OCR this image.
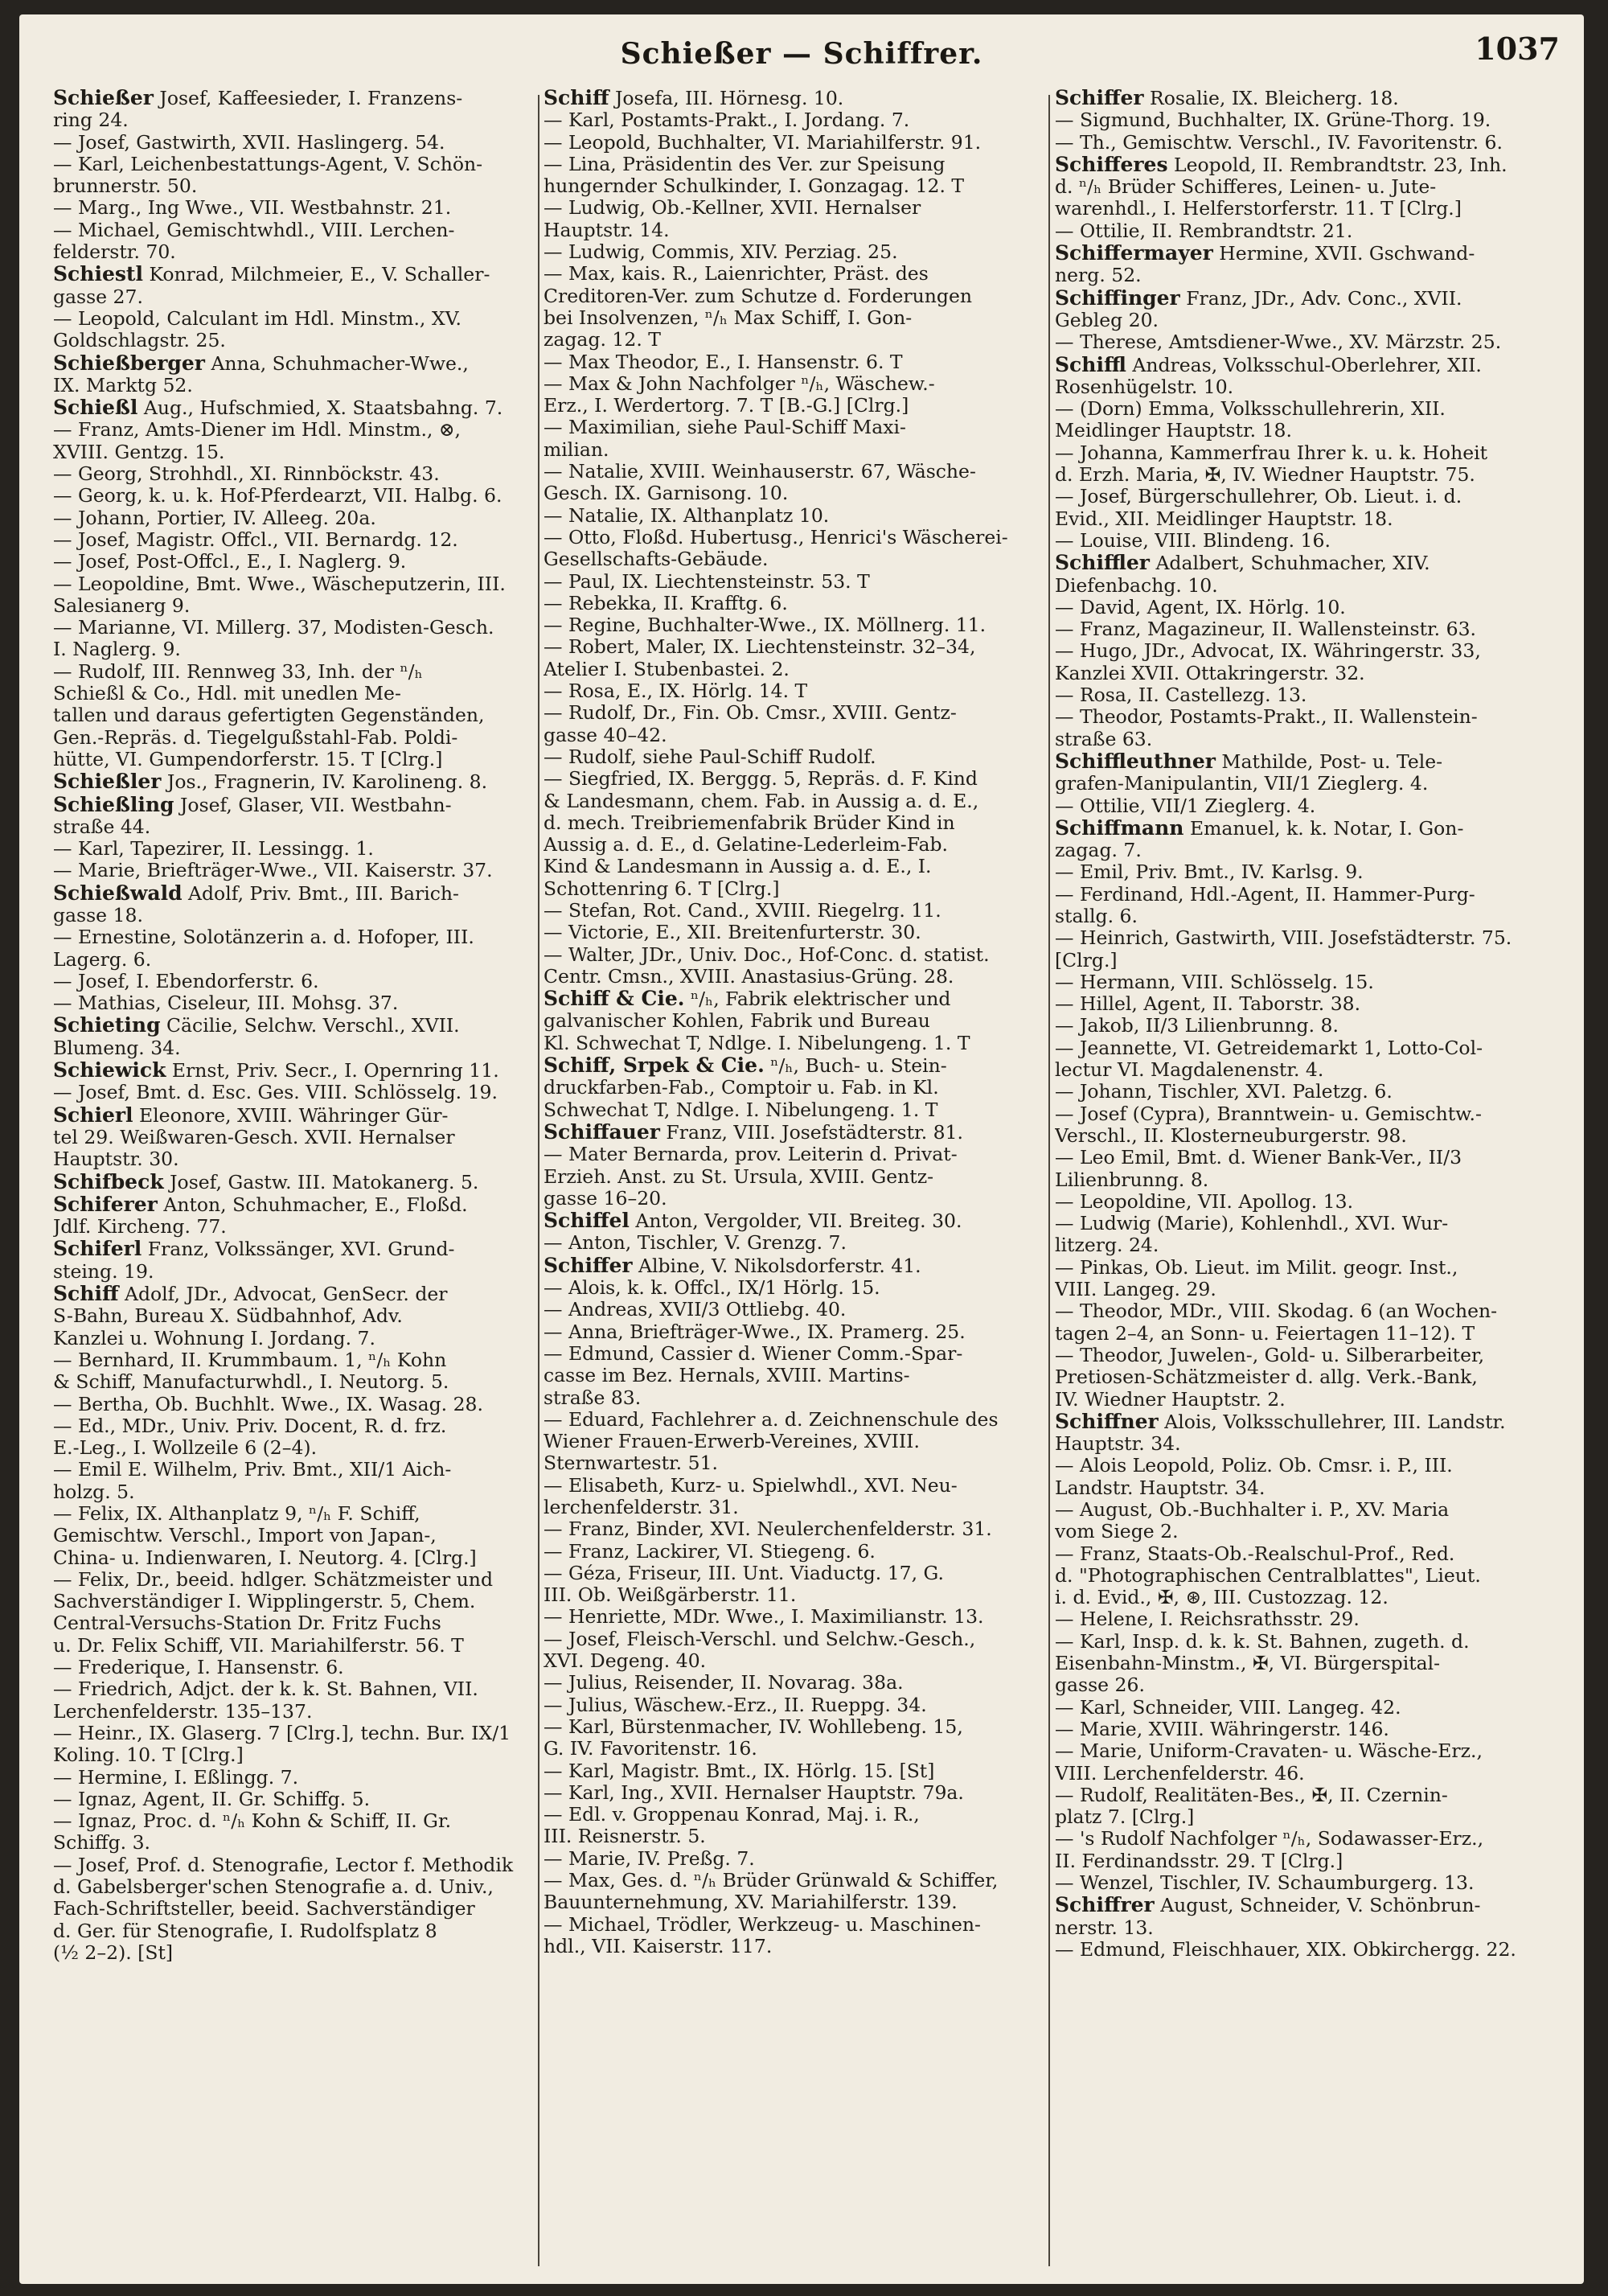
Schießer — Schiffrer.	1037
Schießer Josef, Kaffeesieder, I. Franzens-
ring 24.
— Josef, Gastwirth, XVII. Haslingerg. 54.
— Karl, Leichenbestattungs-Agent, V. Schön-
brunnerstr. 50.
— Marg., Ing Wwe., VII. Westbahnstr. 21.
— Michael, Gemischtwhdl., VIII. Lerchen-
felderstr. 70.
Schiestl Konrad, Milchmeier, E., V. Schaller-
gasse 27.
— Leopold, Calculant im Hdl. Minstm., XV.
Goldschlagstr. 25.
Schießberger Anna, Schuhmacher-Wwe.,
IX. Marktg 52.
Schießl Aug., Hufschmied, X. Staatsbahng. 7.
— Franz, Amts-Diener im Hdl. Minstm., ⊗,
XVIII. Gentzg. 15.
— Georg, Strohhdl., XI. Rinnböckstr. 43.
— Georg, k. u. k. Hof-Pferdearzt, VII. Halbg. 6.
— Johann, Portier, IV. Alleeg. 20a.
— Josef, Magistr. Offcl., VII. Bernardg. 12.
— Josef, Post-Offcl., E., I. Naglerg. 9.
— Leopoldine, Bmt. Wwe., Wäscheputzerin, III.
Salesianerg 9.
— Marianne, VI. Millerg. 37, Modisten-Gesch.
I. Naglerg. 9.
— Rudolf, III. Rennweg 33, Inh. der ⁿ/ₕ
Schießl & Co., Hdl. mit unedlen Me-
tallen und daraus gefertigten Gegenständen,
Gen.-Repräs. d. Tiegelgußstahl-Fab. Poldi-
hütte, VI. Gumpendorferstr. 15. T [Clrg.]
Schießler Jos., Fragnerin, IV. Karolineng. 8.
Schießling Josef, Glaser, VII. Westbahn-
straße 44.
— Karl, Tapezirer, II. Lessingg. 1.
— Marie, Briefträger-Wwe., VII. Kaiserstr. 37.
Schießwald Adolf, Priv. Bmt., III. Barich-
gasse 18.
— Ernestine, Solotänzerin a. d. Hofoper, III.
Lagerg. 6.
— Josef, I. Ebendorferstr. 6.
— Mathias, Ciseleur, III. Mohsg. 37.
Schieting Cäcilie, Selchw. Verschl., XVII.
Blumeng. 34.
Schiewick Ernst, Priv. Secr., I. Opernring 11.
— Josef, Bmt. d. Esc. Ges. VIII. Schlösselg. 19.
Schierl Eleonore, XVIII. Währinger Gür-
tel 29. Weißwaren-Gesch. XVII. Hernalser
Hauptstr. 30.
Schifbeck Josef, Gastw. III. Matokanerg. 5.
Schiferer Anton, Schuhmacher, E., Floßd.
Jdlf. Kircheng. 77.
Schiferl Franz, Volkssänger, XVI. Grund-
steing. 19.
Schiff Adolf, JDr., Advocat, GenSecr. der
S-Bahn, Bureau X. Südbahnhof, Adv.
Kanzlei u. Wohnung I. Jordang. 7.
— Bernhard, II. Krummbaum. 1, ⁿ/ₕ Kohn
& Schiff, Manufacturwhdl., I. Neutorg. 5.
— Bertha, Ob. Buchhlt. Wwe., IX. Wasag. 28.
— Ed., MDr., Univ. Priv. Docent, R. d. frz.
E.-Leg., I. Wollzeile 6 (2–4).
— Emil E. Wilhelm, Priv. Bmt., XII/1 Aich-
holzg. 5.
— Felix, IX. Althanplatz 9, ⁿ/ₕ F. Schiff,
Gemischtw. Verschl., Import von Japan-,
China- u. Indienwaren, I. Neutorg. 4. [Clrg.]
— Felix, Dr., beeid. hdlger. Schätzmeister und
Sachverständiger I. Wipplingerstr. 5, Chem.
Central-Versuchs-Station Dr. Fritz Fuchs
u. Dr. Felix Schiff, VII. Mariahilferstr. 56. T
— Frederique, I. Hansenstr. 6.
— Friedrich, Adjct. der k. k. St. Bahnen, VII.
Lerchenfelderstr. 135–137.
— Heinr., IX. Glaserg. 7 [Clrg.], techn. Bur. IX/1
Koling. 10. T [Clrg.]
— Hermine, I. Eßlingg. 7.
— Ignaz, Agent, II. Gr. Schiffg. 5.
— Ignaz, Proc. d. ⁿ/ₕ Kohn & Schiff, II. Gr.
Schiffg. 3.
— Josef, Prof. d. Stenografie, Lector f. Methodik
d. Gabelsberger'schen Stenografie a. d. Univ.,
Fach-Schriftsteller, beeid. Sachverständiger
d. Ger. für Stenografie, I. Rudolfsplatz 8
(½ 2–2). [St]
Schiff Josefa, III. Hörnesg. 10.
— Karl, Postamts-Prakt., I. Jordang. 7.
— Leopold, Buchhalter, VI. Mariahilferstr. 91.
— Lina, Präsidentin des Ver. zur Speisung
hungernder Schulkinder, I. Gonzagag. 12. T
— Ludwig, Ob.-Kellner, XVII. Hernalser
Hauptstr. 14.
— Ludwig, Commis, XIV. Perziag. 25.
— Max, kais. R., Laienrichter, Präst. des
Creditoren-Ver. zum Schutze d. Forderungen
bei Insolvenzen, ⁿ/ₕ Max Schiff, I. Gon-
zagag. 12. T
— Max Theodor, E., I. Hansenstr. 6. T
— Max & John Nachfolger ⁿ/ₕ, Wäschew.-
Erz., I. Werdertorg. 7. T [B.-G.] [Clrg.]
— Maximilian, siehe Paul-Schiff Maxi-
milian.
— Natalie, XVIII. Weinhauserstr. 67, Wäsche-
Gesch. IX. Garnisong. 10.
— Natalie, IX. Althanplatz 10.
— Otto, Floßd. Hubertusg., Henrici's Wäscherei-
Gesellschafts-Gebäude.
— Paul, IX. Liechtensteinstr. 53. T
— Rebekka, II. Krafftg. 6.
— Regine, Buchhalter-Wwe., IX. Möllnerg. 11.
— Robert, Maler, IX. Liechtensteinstr. 32–34,
Atelier I. Stubenbastei. 2.
— Rosa, E., IX. Hörlg. 14. T
— Rudolf, Dr., Fin. Ob. Cmsr., XVIII. Gentz-
gasse 40–42.
— Rudolf, siehe Paul-Schiff Rudolf.
— Siegfried, IX. Berggg. 5, Repräs. d. F. Kind
& Landesmann, chem. Fab. in Aussig a. d. E.,
d. mech. Treibriemenfabrik Brüder Kind in
Aussig a. d. E., d. Gelatine-Lederleim-Fab.
Kind & Landesmann in Aussig a. d. E., I.
Schottenring 6. T [Clrg.]
— Stefan, Rot. Cand., XVIII. Riegelrg. 11.
— Victorie, E., XII. Breitenfurterstr. 30.
— Walter, JDr., Univ. Doc., Hof-Conc. d. statist.
Centr. Cmsn., XVIII. Anastasius-Grüng. 28.
Schiff & Cie. ⁿ/ₕ, Fabrik elektrischer und
galvanischer Kohlen, Fabrik und Bureau
Kl. Schwechat T, Ndlge. I. Nibelungeng. 1. T
Schiff, Srpek & Cie. ⁿ/ₕ, Buch- u. Stein-
druckfarben-Fab., Comptoir u. Fab. in Kl.
Schwechat T, Ndlge. I. Nibelungeng. 1. T
Schiffauer Franz, VIII. Josefstädterstr. 81.
— Mater Bernarda, prov. Leiterin d. Privat-
Erzieh. Anst. zu St. Ursula, XVIII. Gentz-
gasse 16–20.
Schiffel Anton, Vergolder, VII. Breiteg. 30.
— Anton, Tischler, V. Grenzg. 7.
Schiffer Albine, V. Nikolsdorferstr. 41.
— Alois, k. k. Offcl., IX/1 Hörlg. 15.
— Andreas, XVII/3 Ottliebg. 40.
— Anna, Briefträger-Wwe., IX. Pramerg. 25.
— Edmund, Cassier d. Wiener Comm.-Spar-
casse im Bez. Hernals, XVIII. Martins-
straße 83.
— Eduard, Fachlehrer a. d. Zeichnenschule des
Wiener Frauen-Erwerb-Vereines, XVIII.
Sternwartestr. 51.
— Elisabeth, Kurz- u. Spielwhdl., XVI. Neu-
lerchenfelderstr. 31.
— Franz, Binder, XVI. Neulerchenfelderstr. 31.
— Franz, Lackirer, VI. Stiegeng. 6.
— Géza, Friseur, III. Unt. Viaductg. 17, G.
III. Ob. Weißgärberstr. 11.
— Henriette, MDr. Wwe., I. Maximilianstr. 13.
— Josef, Fleisch-Verschl. und Selchw.-Gesch.,
XVI. Degeng. 40.
— Julius, Reisender, II. Novarag. 38a.
— Julius, Wäschew.-Erz., II. Rueppg. 34.
— Karl, Bürstenmacher, IV. Wohllebeng. 15,
G. IV. Favoritenstr. 16.
— Karl, Magistr. Bmt., IX. Hörlg. 15. [St]
— Karl, Ing., XVII. Hernalser Hauptstr. 79a.
— Edl. v. Groppenau Konrad, Maj. i. R.,
III. Reisnerstr. 5.
— Marie, IV. Preßg. 7.
— Max, Ges. d. ⁿ/ₕ Brüder Grünwald & Schiffer,
Bauunternehmung, XV. Mariahilferstr. 139.
— Michael, Trödler, Werkzeug- u. Maschinen-
hdl., VII. Kaiserstr. 117.
Schiffer Rosalie, IX. Bleicherg. 18.
— Sigmund, Buchhalter, IX. Grüne-Thorg. 19.
— Th., Gemischtw. Verschl., IV. Favoritenstr. 6.
Schifferes Leopold, II. Rembrandtstr. 23, Inh.
d. ⁿ/ₕ Brüder Schifferes, Leinen- u. Jute-
warenhdl., I. Helferstorferstr. 11. T [Clrg.]
— Ottilie, II. Rembrandtstr. 21.
Schiffermayer Hermine, XVII. Gschwand-
nerg. 52.
Schiffinger Franz, JDr., Adv. Conc., XVII.
Gebleg 20.
— Therese, Amtsdiener-Wwe., XV. Märzstr. 25.
Schiffl Andreas, Volksschul-Oberlehrer, XII.
Rosenhügelstr. 10.
— (Dorn) Emma, Volksschullehrerin, XII.
Meidlinger Hauptstr. 18.
— Johanna, Kammerfrau Ihrer k. u. k. Hoheit
d. Erzh. Maria, ✠, IV. Wiedner Hauptstr. 75.
— Josef, Bürgerschullehrer, Ob. Lieut. i. d.
Evid., XII. Meidlinger Hauptstr. 18.
— Louise, VIII. Blindeng. 16.
Schiffler Adalbert, Schuhmacher, XIV.
Diefenbachg. 10.
— David, Agent, IX. Hörlg. 10.
— Franz, Magazineur, II. Wallensteinstr. 63.
— Hugo, JDr., Advocat, IX. Währingerstr. 33,
Kanzlei XVII. Ottakringerstr. 32.
— Rosa, II. Castellezg. 13.
— Theodor, Postamts-Prakt., II. Wallenstein-
straße 63.
Schiffleuthner Mathilde, Post- u. Tele-
grafen-Manipulantin, VII/1 Zieglerg. 4.
— Ottilie, VII/1 Zieglerg. 4.
Schiffmann Emanuel, k. k. Notar, I. Gon-
zagag. 7.
— Emil, Priv. Bmt., IV. Karlsg. 9.
— Ferdinand, Hdl.-Agent, II. Hammer-Purg-
stallg. 6.
— Heinrich, Gastwirth, VIII. Josefstädterstr. 75.
[Clrg.]
— Hermann, VIII. Schlösselg. 15.
— Hillel, Agent, II. Taborstr. 38.
— Jakob, II/3 Lilienbrunng. 8.
— Jeannette, VI. Getreidemarkt 1, Lotto-Col-
lectur VI. Magdalenenstr. 4.
— Johann, Tischler, XVI. Paletzg. 6.
— Josef (Cypra), Branntwein- u. Gemischtw.-
Verschl., II. Klosterneuburgerstr. 98.
— Leo Emil, Bmt. d. Wiener Bank-Ver., II/3
Lilienbrunng. 8.
— Leopoldine, VII. Apollog. 13.
— Ludwig (Marie), Kohlenhdl., XVI. Wur-
litzerg. 24.
— Pinkas, Ob. Lieut. im Milit. geogr. Inst.,
VIII. Langeg. 29.
— Theodor, MDr., VIII. Skodag. 6 (an Wochen-
tagen 2–4, an Sonn- u. Feiertagen 11–12). T
— Theodor, Juwelen-, Gold- u. Silberarbeiter,
Pretiosen-Schätzmeister d. allg. Verk.-Bank,
IV. Wiedner Hauptstr. 2.
Schiffner Alois, Volksschullehrer, III. Landstr.
Hauptstr. 34.
— Alois Leopold, Poliz. Ob. Cmsr. i. P., III.
Landstr. Hauptstr. 34.
— August, Ob.-Buchhalter i. P., XV. Maria
vom Siege 2.
— Franz, Staats-Ob.-Realschul-Prof., Red.
d. "Photographischen Centralblattes", Lieut.
i. d. Evid., ✠, ⊛, III. Custozzag. 12.
— Helene, I. Reichsrathsstr. 29.
— Karl, Insp. d. k. k. St. Bahnen, zugeth. d.
Eisenbahn-Minstm., ✠, VI. Bürgerspital-
gasse 26.
— Karl, Schneider, VIII. Langeg. 42.
— Marie, XVIII. Währingerstr. 146.
— Marie, Uniform-Cravaten- u. Wäsche-Erz.,
VIII. Lerchenfelderstr. 46.
— Rudolf, Realitäten-Bes., ✠, II. Czernin-
platz 7. [Clrg.]
— 's Rudolf Nachfolger ⁿ/ₕ, Sodawasser-Erz.,
II. Ferdinandsstr. 29. T [Clrg.]
— Wenzel, Tischler, IV. Schaumburgerg. 13.
Schiffrer August, Schneider, V. Schönbrun-
nerstr. 13.
— Edmund, Fleischhauer, XIX. Obkirchergg. 22.
